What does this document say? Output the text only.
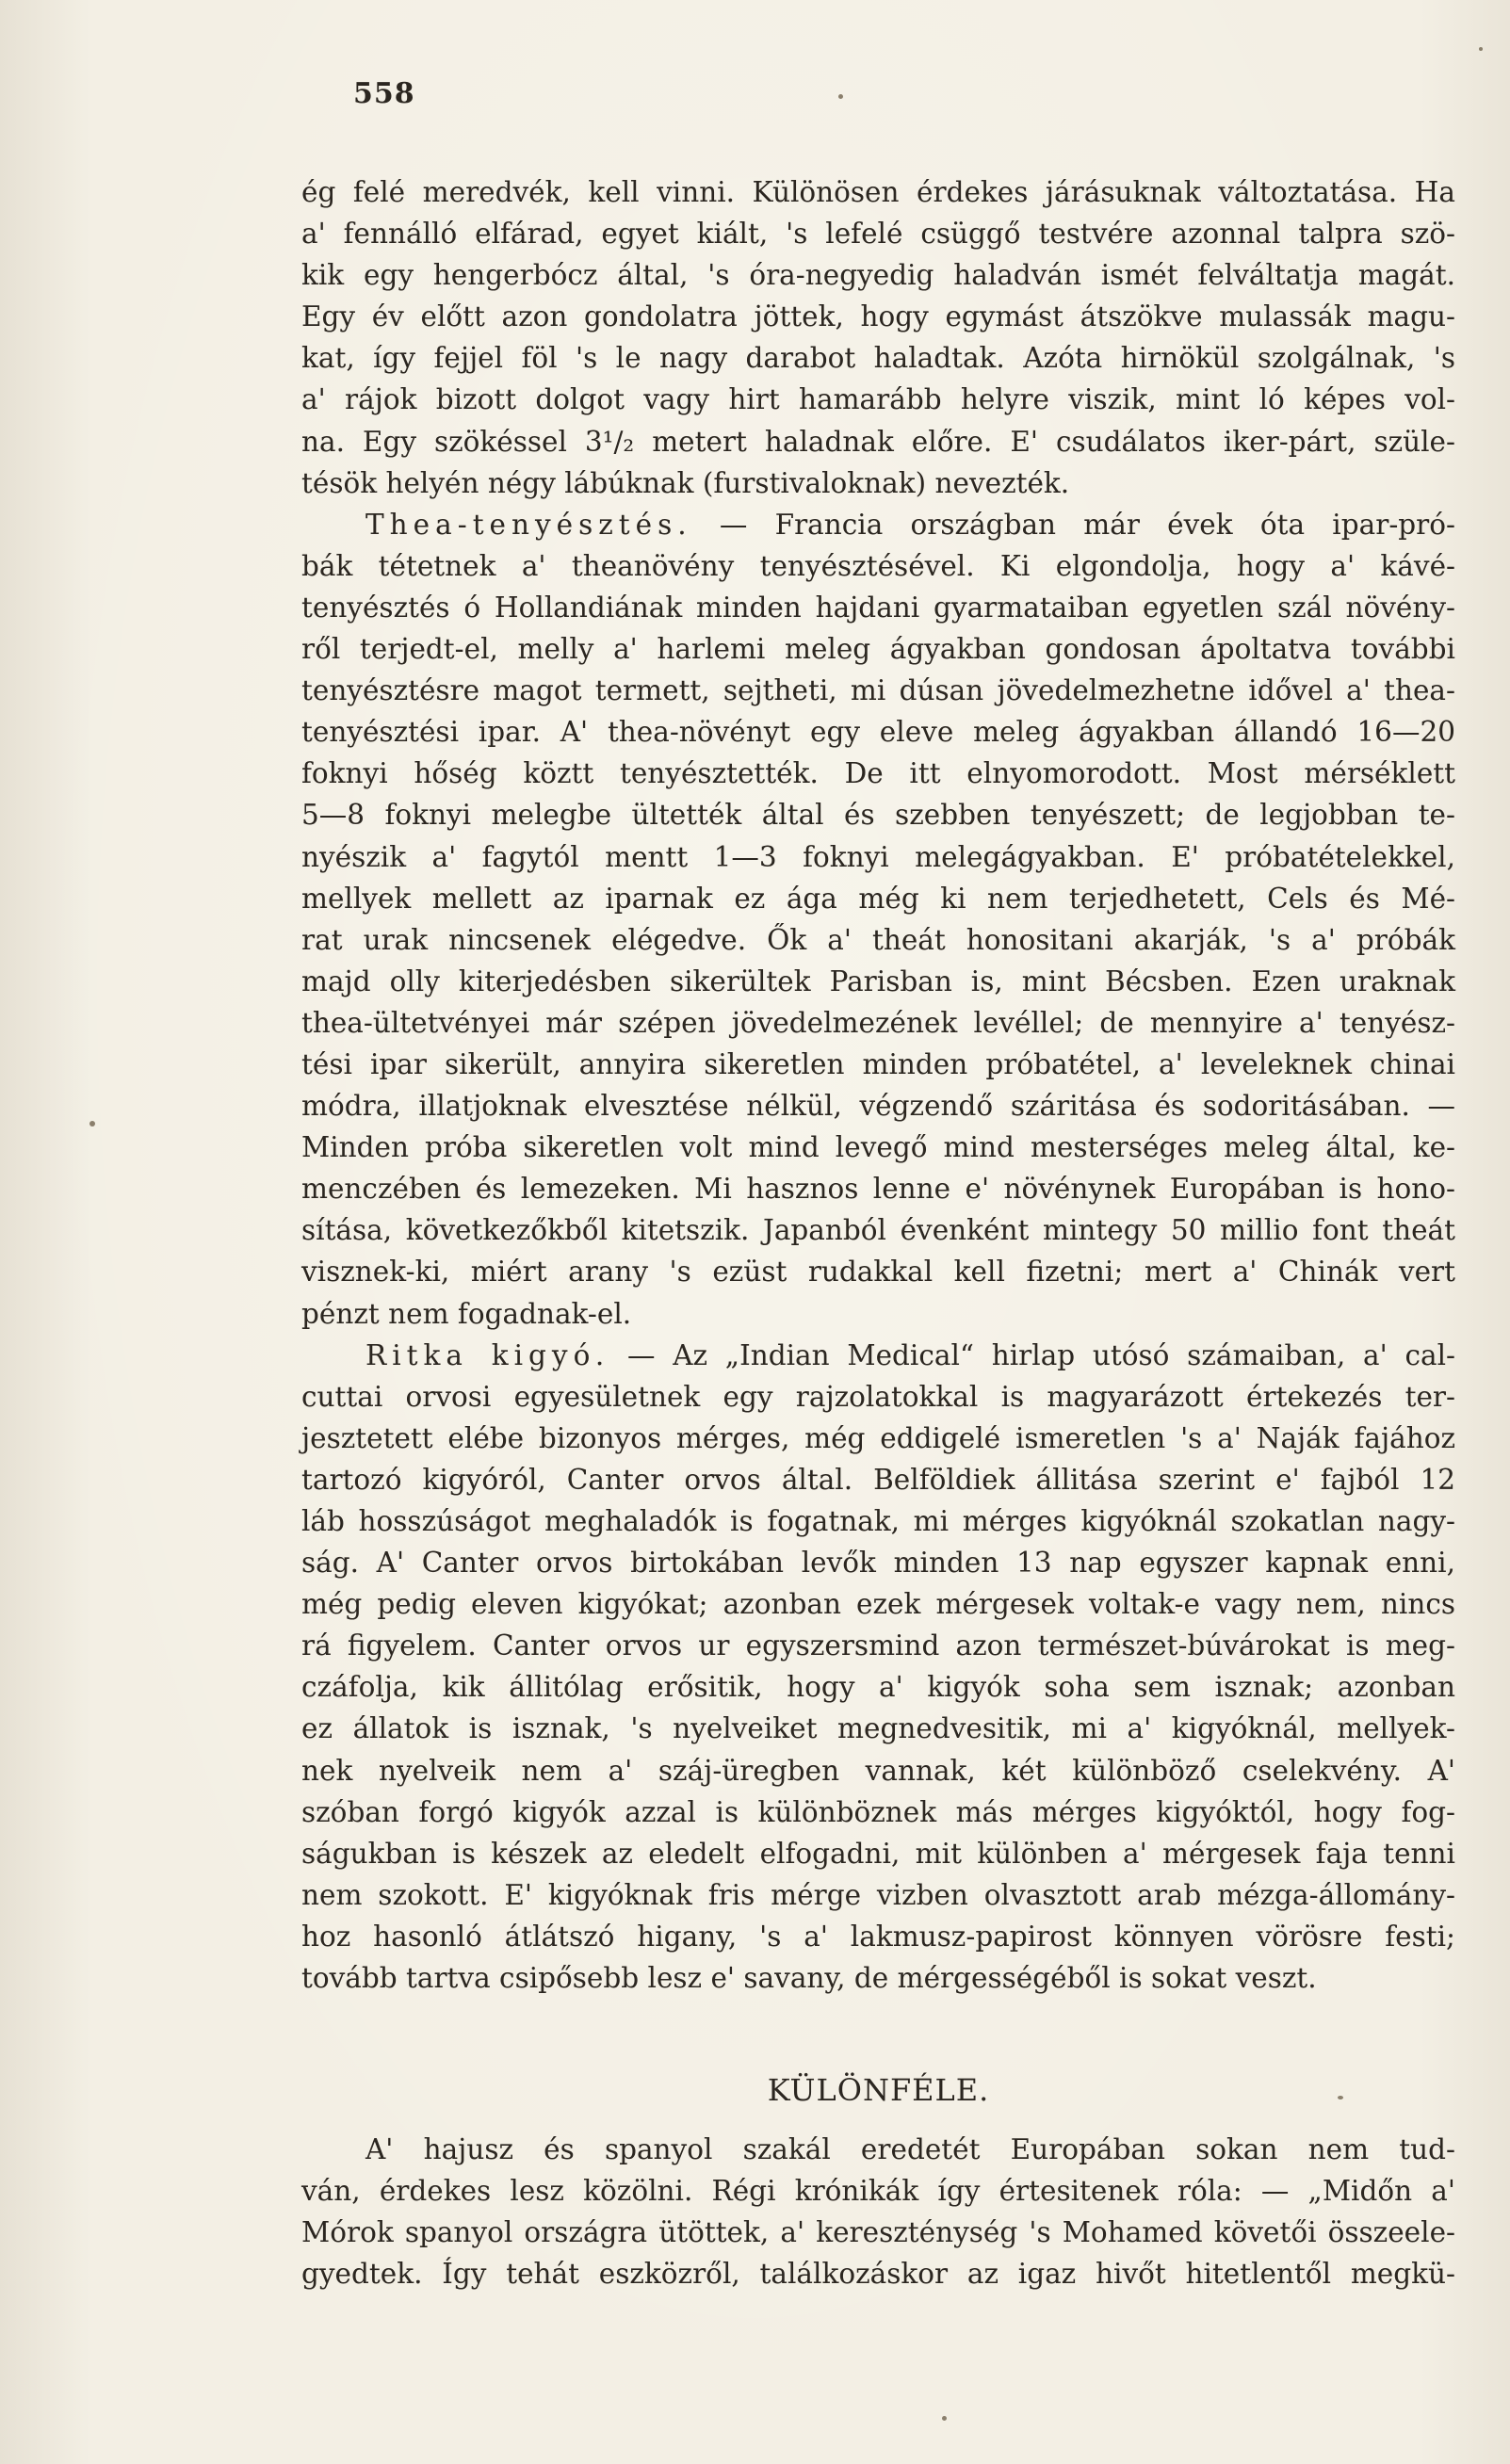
558
ég felé meredvék, kell vinni. Különösen érdekes járásuknak változtatása. Ha
a' fennálló elfárad, egyet kiált, 's lefelé csüggő testvére azonnal talpra szö-
kik egy hengerbócz által, 's óra-negyedig haladván ismét felváltatja magát.
Egy év előtt azon gondolatra jöttek, hogy egymást átszökve mulassák magu-
kat, így fejjel föl 's le nagy darabot haladtak. Azóta hirnökül szolgálnak, 's
a' rájok bizott dolgot vagy hirt hamarább helyre viszik, mint ló képes vol-
na. Egy szökéssel 3¹/₂ metert haladnak előre. E' csudálatos iker-párt, szüle-
tésök helyén négy lábúknak (furstivaloknak) nevezték.
Thea-tenyésztés. — Francia országban már évek óta ipar-pró-
bák tétetnek a' theanövény tenyésztésével. Ki elgondolja, hogy a' kávé-
tenyésztés ó Hollandiának minden hajdani gyarmataiban egyetlen szál növény-
ről terjedt-el, melly a' harlemi meleg ágyakban gondosan ápoltatva további
tenyésztésre magot termett, sejtheti, mi dúsan jövedelmezhetne idővel a' thea-
tenyésztési ipar. A' thea-növényt egy eleve meleg ágyakban állandó 16—20
foknyi hőség köztt tenyésztették. De itt elnyomorodott. Most mérséklett
5—8 foknyi melegbe ültették által és szebben tenyészett; de legjobban te-
nyészik a' fagytól mentt 1—3 foknyi melegágyakban. E' próbatételekkel,
mellyek mellett az iparnak ez ága még ki nem terjedhetett, Cels és Mé-
rat urak nincsenek elégedve. Ők a' theát honositani akarják, 's a' próbák
majd olly kiterjedésben sikerültek Parisban is, mint Bécsben. Ezen uraknak
thea-ültetvényei már szépen jövedelmezének levéllel; de mennyire a' tenyész-
tési ipar sikerült, annyira sikeretlen minden próbatétel, a' leveleknek chinai
módra, illatjoknak elvesztése nélkül, végzendő száritása és sodoritásában. —
Minden próba sikeretlen volt mind levegő mind mesterséges meleg által, ke-
menczében és lemezeken. Mi hasznos lenne e' növénynek Europában is hono-
sítása, következőkből kitetszik. Japanból évenként mintegy 50 millio font theát
visznek-ki, miért arany 's ezüst rudakkal kell fizetni; mert a' Chinák vert
pénzt nem fogadnak-el.
Ritka kigyó. — Az „Indian Medical“ hirlap utósó számaiban, a' cal-
cuttai orvosi egyesületnek egy rajzolatokkal is magyarázott értekezés ter-
jesztetett elébe bizonyos mérges, még eddigelé ismeretlen 's a' Naják fajához
tartozó kigyóról, Canter orvos által. Belföldiek állitása szerint e' fajból 12
láb hosszúságot meghaladók is fogatnak, mi mérges kigyóknál szokatlan nagy-
ság. A' Canter orvos birtokában levők minden 13 nap egyszer kapnak enni,
még pedig eleven kigyókat; azonban ezek mérgesek voltak-e vagy nem, nincs
rá figyelem. Canter orvos ur egyszersmind azon természet-búvárokat is meg-
czáfolja, kik állitólag erősitik, hogy a' kigyók soha sem isznak; azonban
ez állatok is isznak, 's nyelveiket megnedvesitik, mi a' kigyóknál, mellyek-
nek nyelveik nem a' száj-üregben vannak, két különböző cselekvény. A'
szóban forgó kigyók azzal is különböznek más mérges kigyóktól, hogy fog-
ságukban is készek az eledelt elfogadni, mit különben a' mérgesek faja tenni
nem szokott. E' kigyóknak fris mérge vizben olvasztott arab mézga-állomány-
hoz hasonló átlátszó higany, 's a' lakmusz-papirost könnyen vörösre festi;
tovább tartva csipősebb lesz e' savany, de mérgességéből is sokat veszt.
KÜLÖNFÉLE.
A' hajusz és spanyol szakál eredetét Europában sokan nem tud-
ván, érdekes lesz közölni. Régi krónikák így értesitenek róla: — „Midőn a'
Mórok spanyol országra ütöttek, a' kereszténység 's Mohamed követői összeele-
gyedtek. Így tehát eszközről, találkozáskor az igaz hivőt hitetlentől megkü-
